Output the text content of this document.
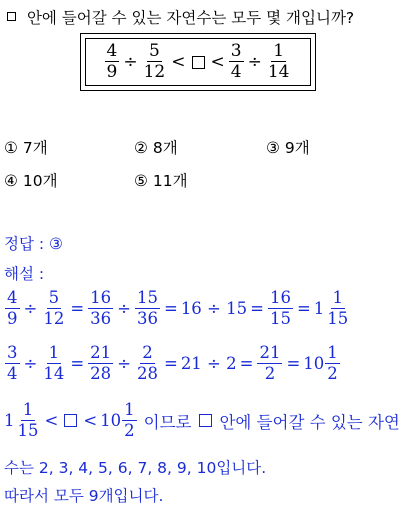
안에 들어갈 수 있는 자연수는 모두 몇 개입니까?
$\frac{4}{9} \div \frac{5}{12}$ < < $\frac{3}{4} \div \frac{1}{14}$
① 7개	② 8개	③ 9개
④ 10개	⑤ 11개
정답 : ③
해설 :
$\frac{4}{9} \div \frac{5}{12} = \frac{16}{36} \div \frac{15}{36} = 16 \div 15 = \frac{16}{15} = 1 \frac{1}{15}$
$\frac{3}{4} \div \frac{1}{14} = \frac{21}{28} \div \frac{2}{28} = 21 \div 2 = \frac{21}{2} = 10 \frac{1}{2}$
$1 \frac{1}{15}$ < < $10 \frac{1}{2}$ 이므로 안에 들어갈 수 있는 자연
수는 2, 3, 4, 5, 6, 7, 8, 9, 10입니다.
따라서 모두 9개입니다.
